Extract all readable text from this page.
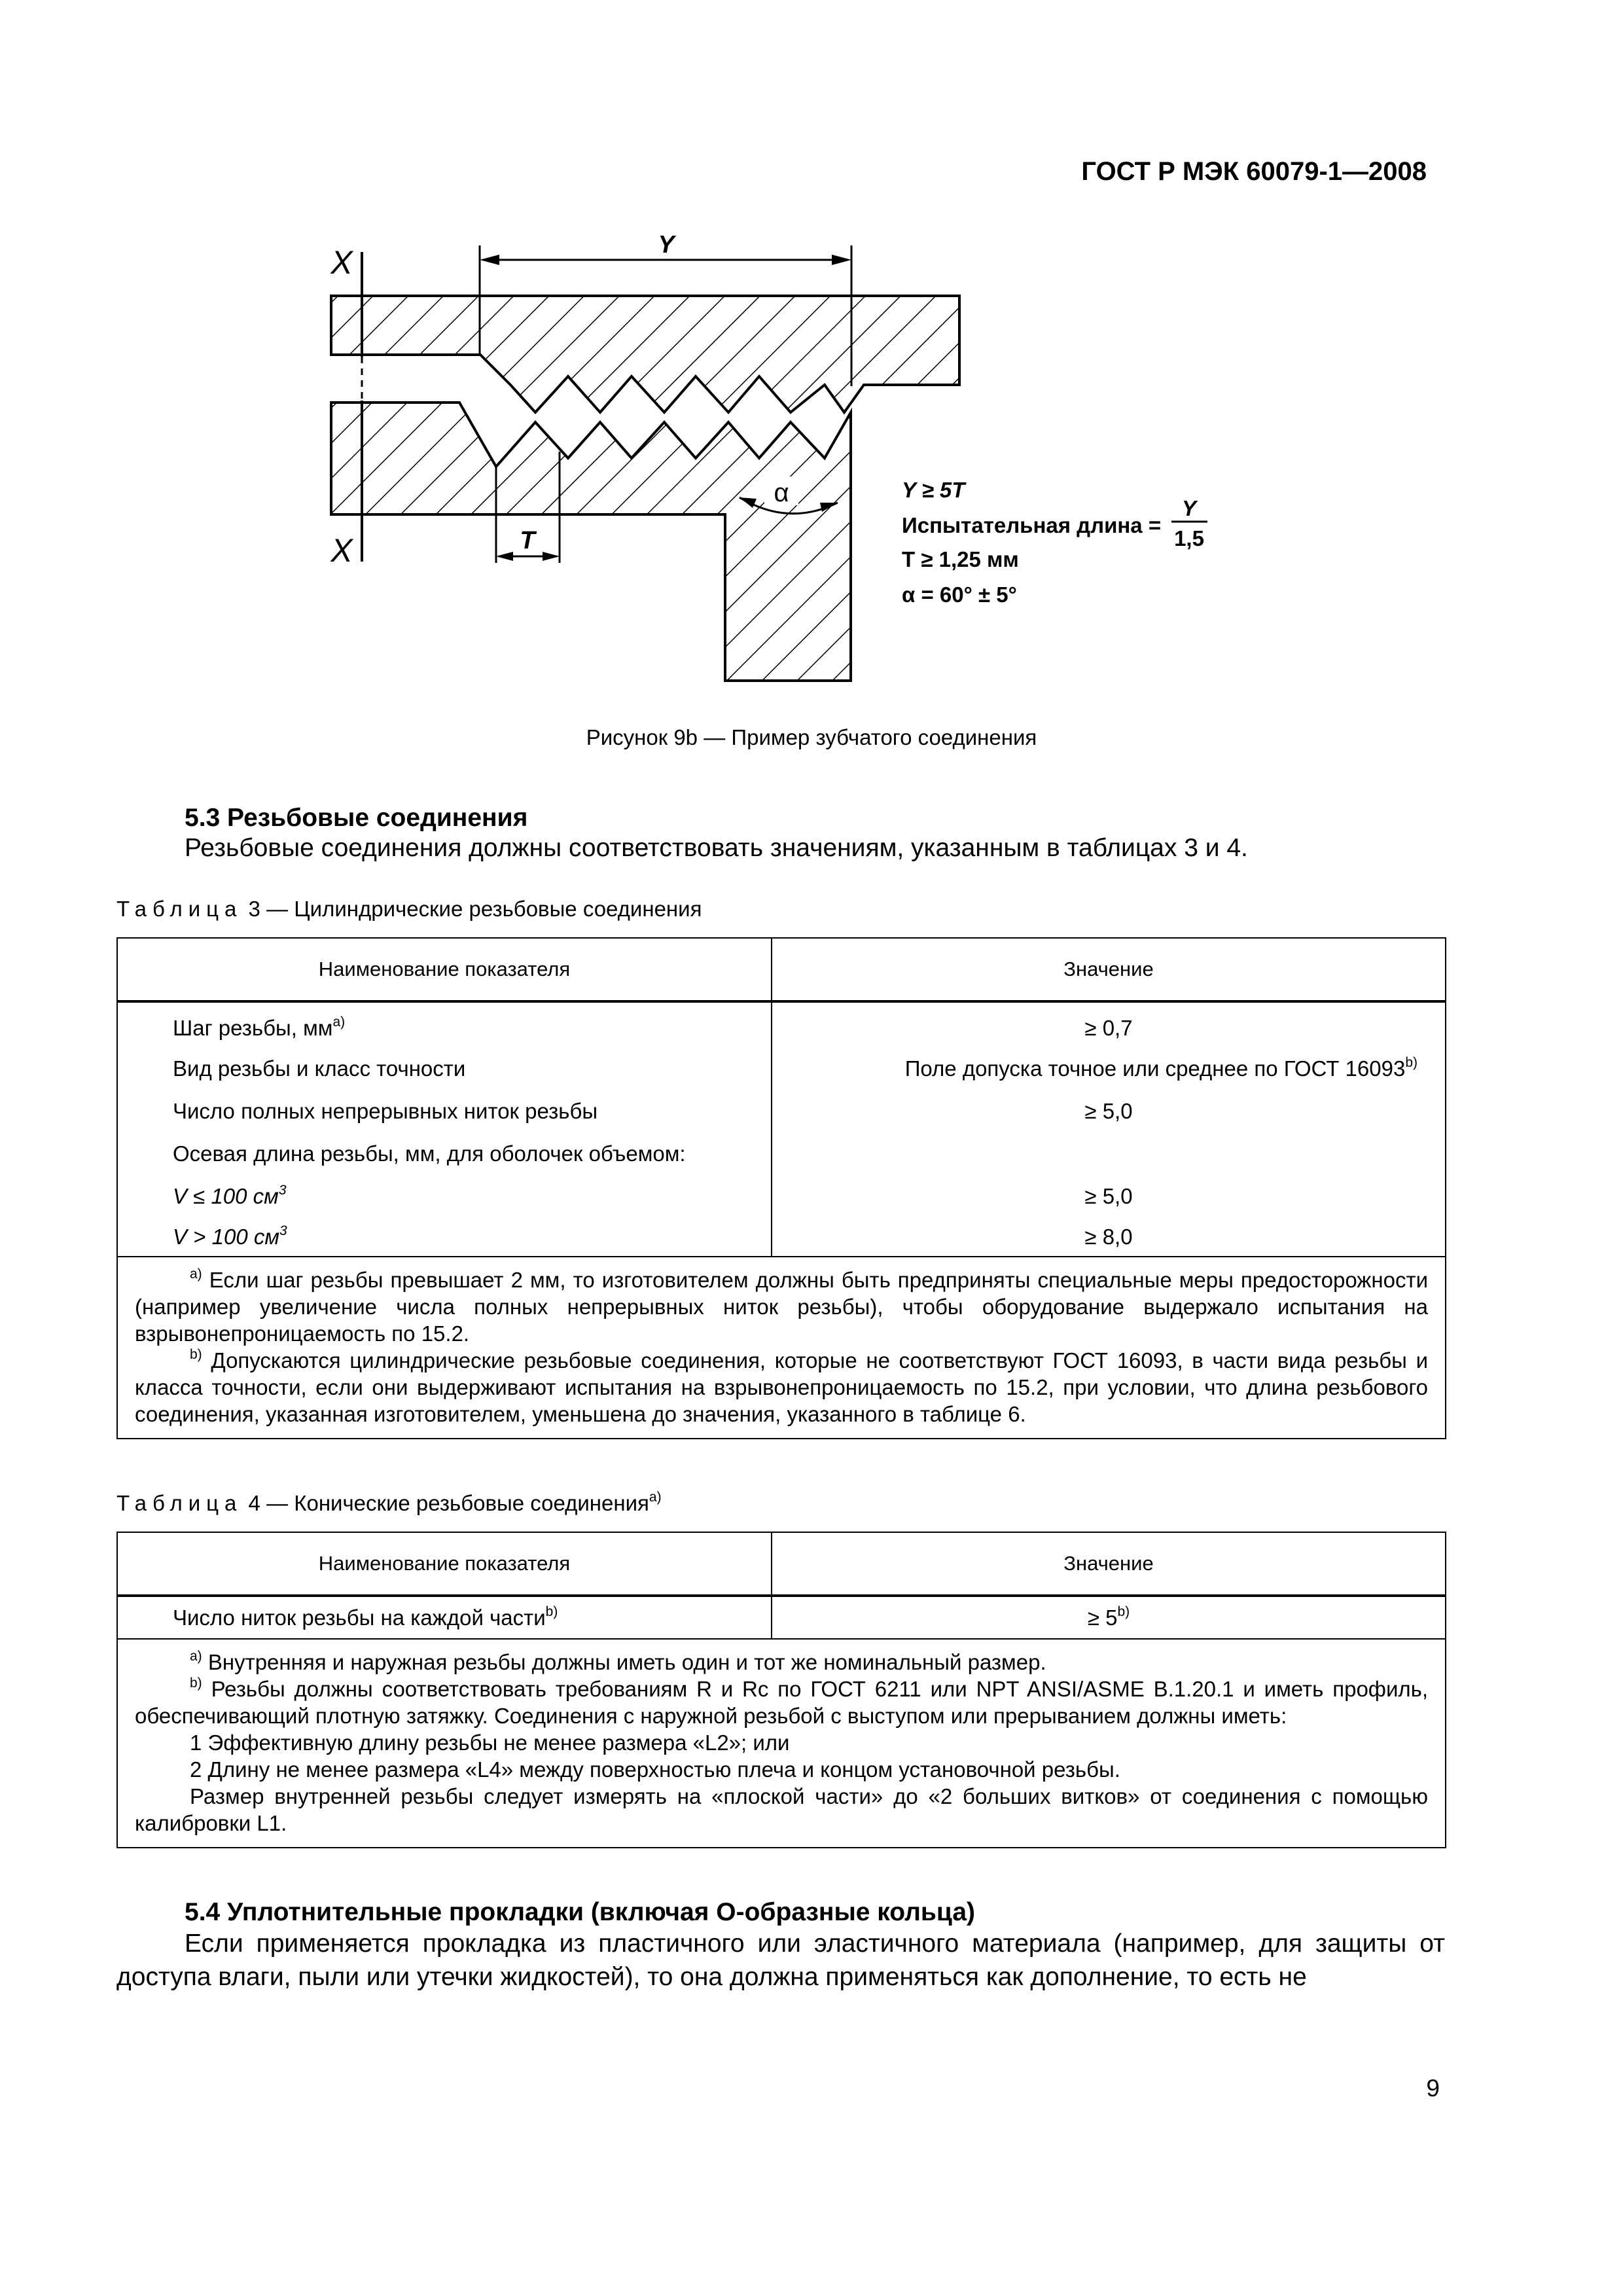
ГОСТ Р МЭК 60079-1—2008
X
X
Y
T
α	Y ≥ 5T
Испытательная длина =
Y
1,5
T ≥ 1,25 мм
α = 60° ± 5°
Рисунок 9b — Пример зубчатого соединения
5.3 Резьбовые соединения
Резьбовые соединения должны соответствовать значениям, указанным в таблицах 3 и 4.
Таблица 3 — Цилиндрические резьбовые соединения
Наименование показателя	Значение
Шаг резьбы, $мм^{a)}$	≥ 0,7
Вид резьбы и класс точности	Поле допуска точное или среднее по ГОСТ 16093$^{b)}$
Число полных непрерывных ниток резьбы	≥ 5,0
Осевая длина резьбы, мм, для оболочек объемом:	
V ≤ 100 $см^3$	≥ 5,0
V > 100 $см^3$	≥ 8,0

$^{a)}$ Если шаг резьбы превышает 2 мм, то изготовителем должны быть предприняты специальные меры предосторожности (например увеличение числа полных непрерывных ниток резьбы), чтобы оборудование выдержало испытания на взрывонепроницаемость по 15.2.
$^{b)}$ Допускаются цилиндрические резьбовые соединения, которые не соответствуют ГОСТ 16093, в части вида резьбы и класса точности, если они выдерживают испытания на взрывонепроницаемость по 15.2, при условии, что длина резьбового соединения, указанная изготовителем, уменьшена до значения, указанного в таблице 6.	
Таблица 4 — Конические резьбовые соединения$^{a)}$
Наименование показателя	Значение
Число ниток резьбы на каждой части$^{b)}$	≥ $5^{b)}$

$^{a)}$ Внутренняя и наружная резьбы должны иметь один и тот же номинальный размер.
$^{b)}$ Резьбы должны соответствовать требованиям R и Rc по ГОСТ 6211 или NPT ANSI/ASME B.1.20.1 и иметь профиль, обеспечивающий плотную затяжку. Соединения с наружной резьбой с выступом или прерыванием должны иметь:
1 Эффективную длину резьбы не менее размера «L2»; или
2 Длину не менее размера «L4» между поверхностью плеча и концом установочной резьбы.
Размер внутренней резьбы следует измерять на «плоской части» до «2 больших витков» от соединения с помощью калибровки L1.	
5.4 Уплотнительные прокладки (включая О-образные кольца)
Если применяется прокладка из пластичного или эластичного материала (например, для защиты от доступа влаги, пыли или утечки жидкостей), то она должна применяться как дополнение, то есть не
9
